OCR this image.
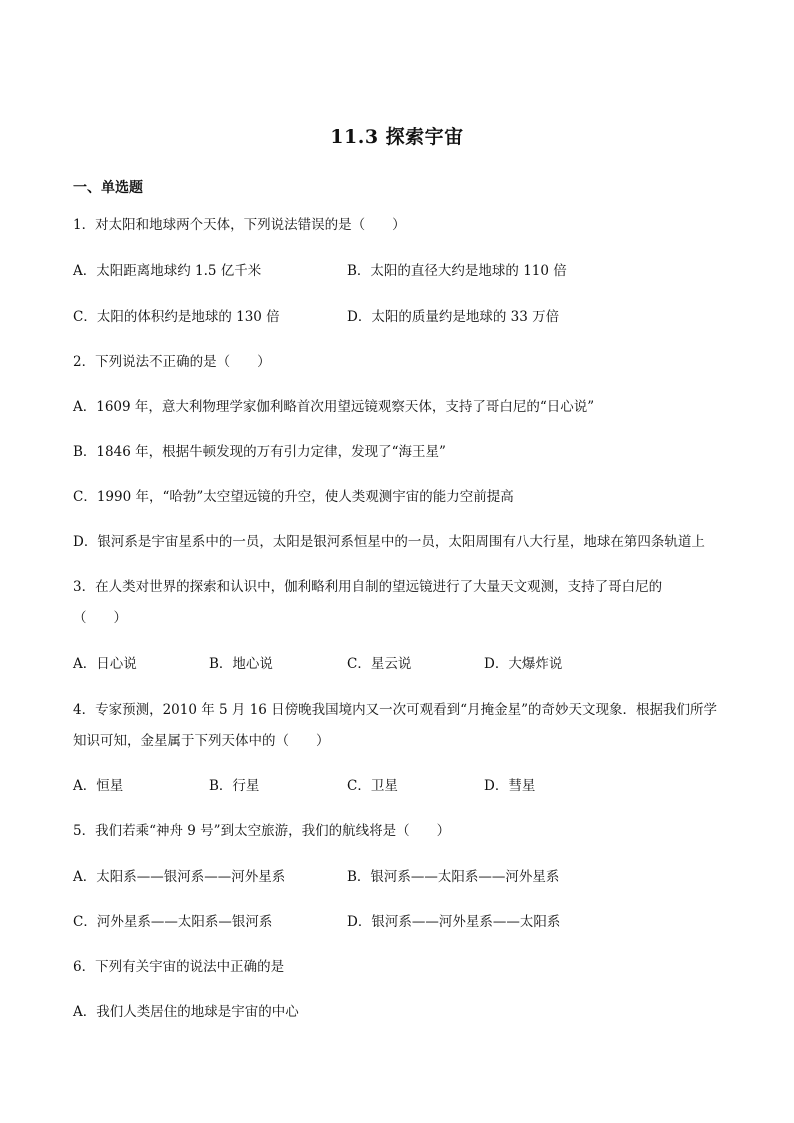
11.3 探索宇宙
一、单选题
1．对太阳和地球两个天体，下列说法错误的是（　　）
A．太阳距离地球约 1.5 亿千米	B．太阳的直径大约是地球的 110 倍
C．太阳的体积约是地球的 130 倍	D．太阳的质量约是地球的 33 万倍
2．下列说法不正确的是（　　）
A．1609 年，意大利物理学家伽利略首次用望远镜观察天体，支持了哥白尼的“日心说”
B．1846 年，根据牛顿发现的万有引力定律，发现了“海王星”
C．1990 年，“哈勃”太空望远镜的升空，使人类观测宇宙的能力空前提高
D．银河系是宇宙星系中的一员，太阳是银河系恒星中的一员，太阳周围有八大行星，地球在第四条轨道上
3．在人类对世界的探索和认识中，伽利略利用自制的望远镜进行了大量天文观测，支持了哥白尼的
（　　）
A．日心说	B．地心说	C．星云说	D．大爆炸说
4．专家预测，2010 年 5 月 16 日傍晚我国境内又一次可观看到“月掩金星”的奇妙天文现象．根据我们所学
知识可知，金星属于下列天体中的（　　）
A．恒星	B．行星	C．卫星	D．彗星
5．我们若乘“神舟 9 号”到太空旅游，我们的航线将是（　　）
A．太阳系——银河系——河外星系	B．银河系——太阳系——河外星系
C．河外星系——太阳系—银河系	D．银河系——河外星系——太阳系
6．下列有关宇宙的说法中正确的是
A．我们人类居住的地球是宇宙的中心
